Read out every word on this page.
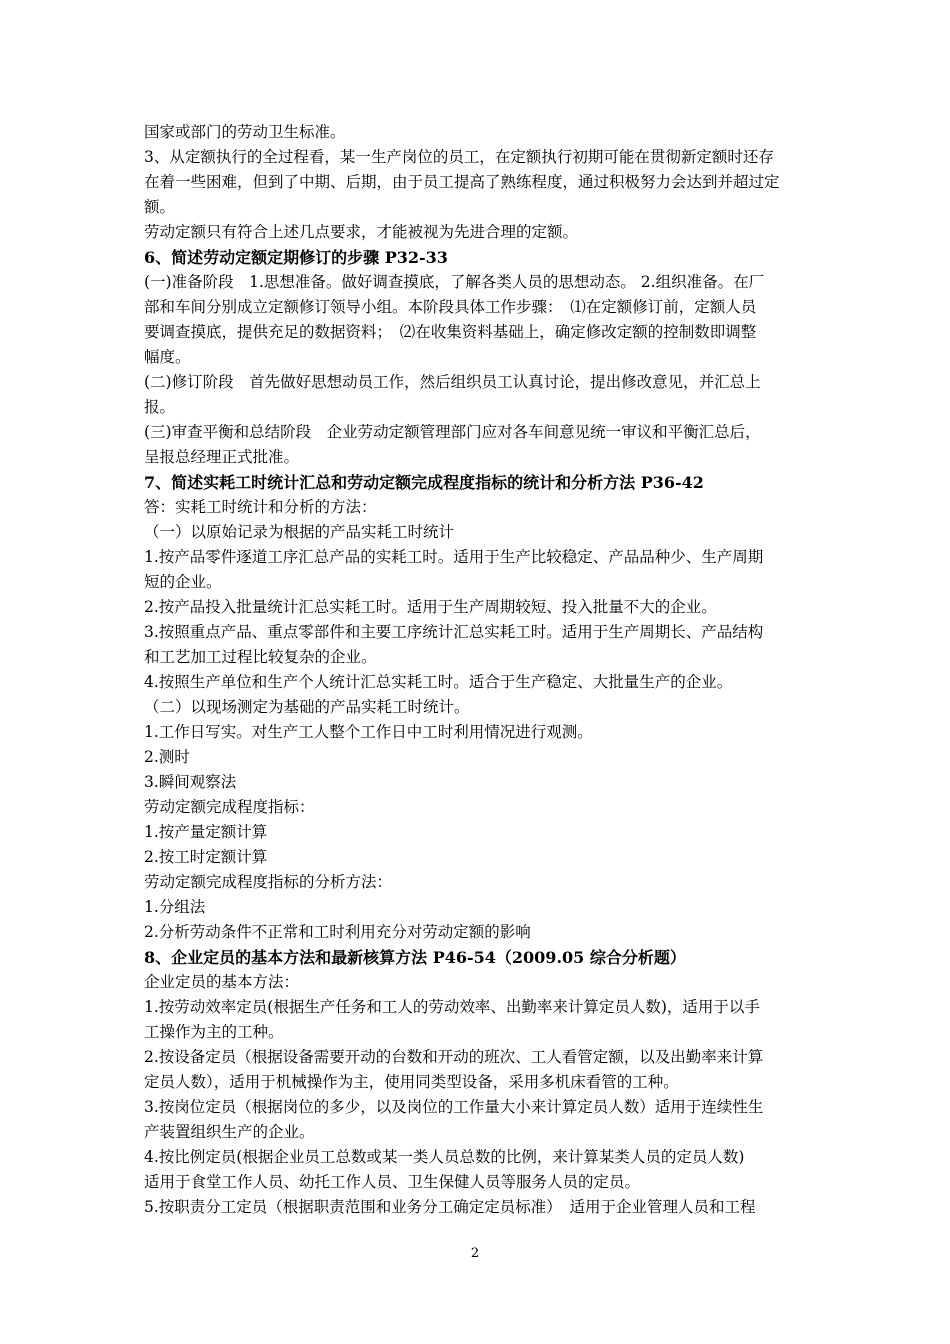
国家或部门的劳动卫生标准。
3、从定额执行的全过程看，某一生产岗位的员工，在定额执行初期可能在贯彻新定额时还存
在着一些困难，但到了中期、后期，由于员工提高了熟练程度，通过积极努力会达到并超过定
额。
劳动定额只有符合上述几点要求，才能被视为先进合理的定额。
6、简述劳动定额定期修订的步骤 P32-33
(一)准备阶段　1.思想准备。做好调查摸底，了解各类人员的思想动态。 2.组织准备。在厂
部和车间分别成立定额修订领导小组。本阶段具体工作步骤：　⑴在定额修订前，定额人员
要调查摸底，提供充足的数据资料；　⑵在收集资料基础上，确定修改定额的控制数即调整
幅度。
(二)修订阶段　首先做好思想动员工作，然后组织员工认真讨论，提出修改意见，并汇总上
报。
(三)审查平衡和总结阶段　企业劳动定额管理部门应对各车间意见统一审议和平衡汇总后，
呈报总经理正式批准。
7、简述实耗工时统计汇总和劳动定额完成程度指标的统计和分析方法 P36-42
答：实耗工时统计和分析的方法：
（一）以原始记录为根据的产品实耗工时统计
1.按产品零件逐道工序汇总产品的实耗工时。适用于生产比较稳定、产品品种少、生产周期
短的企业。
2.按产品投入批量统计汇总实耗工时。适用于生产周期较短、投入批量不大的企业。
3.按照重点产品、重点零部件和主要工序统计汇总实耗工时。适用于生产周期长、产品结构
和工艺加工过程比较复杂的企业。
4.按照生产单位和生产个人统计汇总实耗工时。适合于生产稳定、大批量生产的企业。
（二）以现场测定为基础的产品实耗工时统计。
1.工作日写实。对生产工人整个工作日中工时利用情况进行观测。
2.测时
3.瞬间观察法
劳动定额完成程度指标：
1.按产量定额计算
2.按工时定额计算
劳动定额完成程度指标的分析方法：
1.分组法
2.分析劳动条件不正常和工时利用充分对劳动定额的影响
8、企业定员的基本方法和最新核算方法 P46-54（2009.05 综合分析题）
企业定员的基本方法：
1.按劳动效率定员(根据生产任务和工人的劳动效率、出勤率来计算定员人数)，适用于以手
工操作为主的工种。
2.按设备定员（根据设备需要开动的台数和开动的班次、工人看管定额，以及出勤率来计算
定员人数），适用于机械操作为主，使用同类型设备，采用多机床看管的工种。
3.按岗位定员（根据岗位的多少，以及岗位的工作量大小来计算定员人数）适用于连续性生
产装置组织生产的企业。
4.按比例定员(根据企业员工总数或某一类人员总数的比例，来计算某类人员的定员人数)
适用于食堂工作人员、幼托工作人员、卫生保健人员等服务人员的定员。
5.按职责分工定员（根据职责范围和业务分工确定定员标准）　适用于企业管理人员和工程
2
